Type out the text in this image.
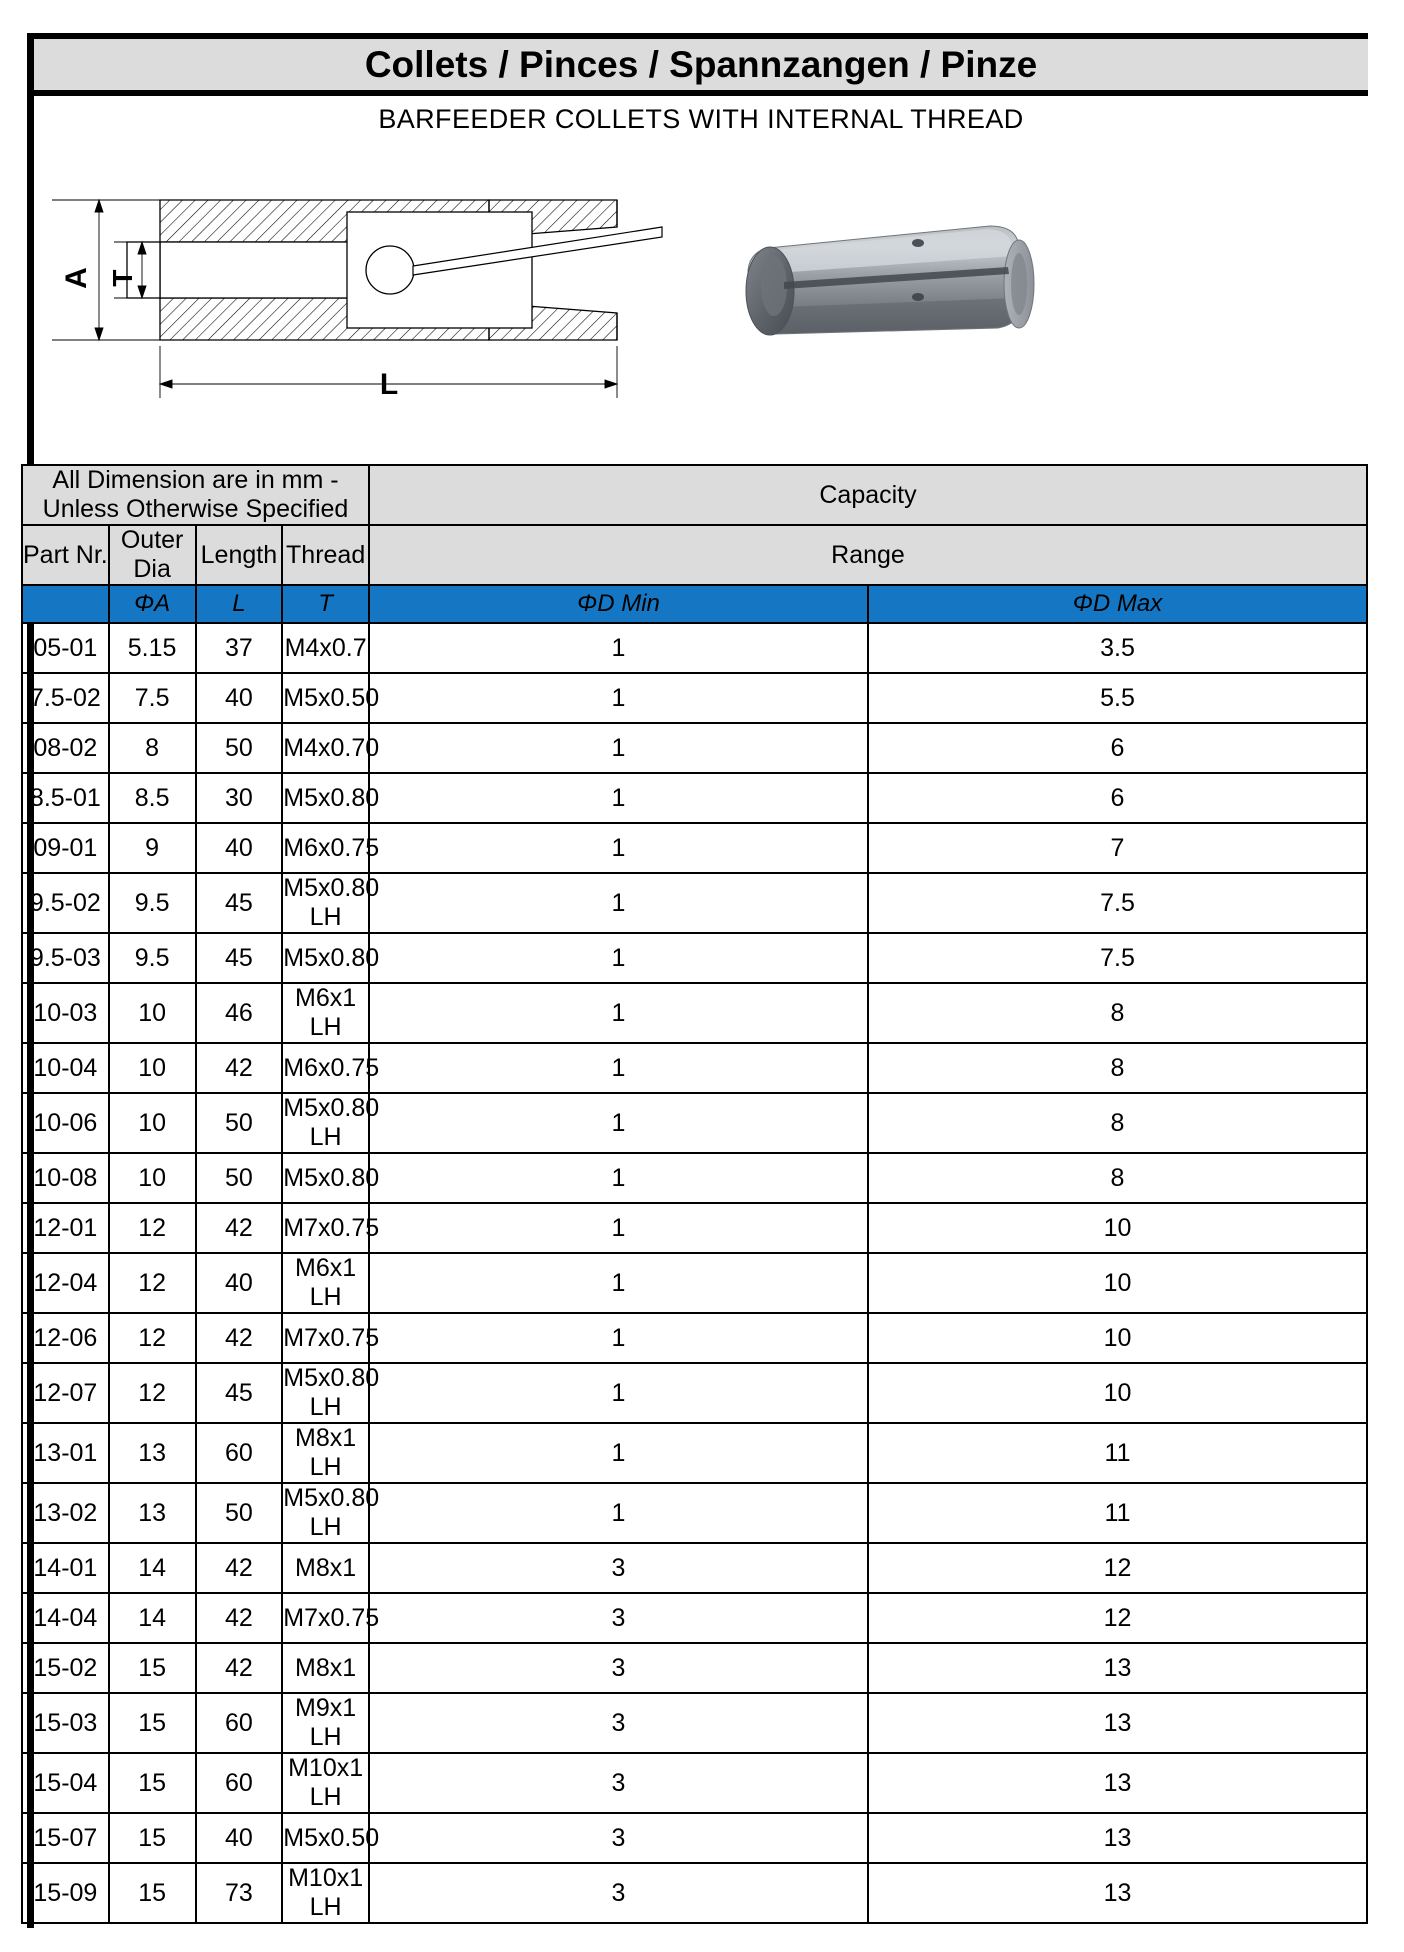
Collets / Pinces / Spannzangen / Pinze
BARFEEDER COLLETS WITH INTERNAL THREAD
A T
L
All Dimension are in mm - Unless Otherwise Specified				Capacity	
Part Nr.	Outer Dia	Length	Thread	Range	
	ΦA	L	T	ΦD Min	ΦD Max
05-01	5.15	37	M4x0.7	1	3.5
7.5-02	7.5	40	M5x0.50	1	5.5
08-02	8	50	M4x0.70	1	6
8.5-01	8.5	30	M5x0.80	1	6
09-01	9	40	M6x0.75	1	7
9.5-02	9.5	45	M5x0.80 LH	1	7.5
9.5-03	9.5	45	M5x0.80	1	7.5
10-03	10	46	M6x1 LH	1	8
10-04	10	42	M6x0.75	1	8
10-06	10	50	M5x0.80 LH	1	8
10-08	10	50	M5x0.80	1	8
12-01	12	42	M7x0.75	1	10
12-04	12	40	M6x1 LH	1	10
12-06	12	42	M7x0.75	1	10
12-07	12	45	M5x0.80 LH	1	10
13-01	13	60	M8x1 LH	1	11
13-02	13	50	M5x0.80 LH	1	11
14-01	14	42	M8x1	3	12
14-04	14	42	M7x0.75	3	12
15-02	15	42	M8x1	3	13
15-03	15	60	M9x1 LH	3	13
15-04	15	60	M10x1 LH	3	13
15-07	15	40	M5x0.50	3	13
15-09	15	73	M10x1 LH	3	13
